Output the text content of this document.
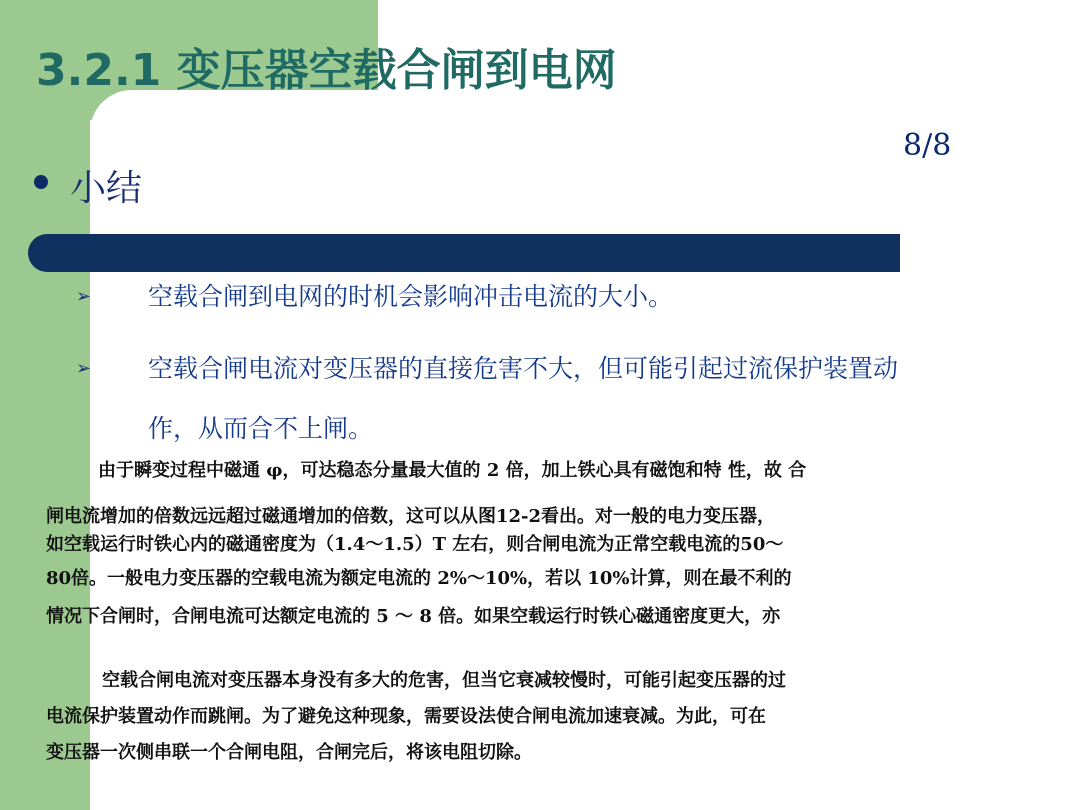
3.2.1 变压器空载合闸到电网
8/8
小结
➢ 空载合闸到电网的时机会影响冲击电流的大小。
➢ 空载合闸电流对变压器的直接危害不大，但可能引起过流保护装置动
作，从而合不上闸。
由于瞬变过程中磁通 φ，可达稳态分量最大值的 2 倍，加上铁心具有磁饱和特 性，故 合
闸电流增加的倍数远远超过磁通增加的倍数，这可以从图12-2看出。对一般的电力变压器，
如空载运行时铁心内的磁通密度为（1.4～1.5）T 左右，则合闸电流为正常空载电流的50～
80倍。一般电力变压器的空载电流为额定电流的 2%～10%，若以 10%计算，则在最不利的
情况下合闸时，合闸电流可达额定电流的 5 ～ 8 倍。如果空载运行时铁心磁通密度更大，亦
空载合闸电流对变压器本身没有多大的危害，但当它衰减较慢时，可能引起变压器的过
电流保护装置动作而跳闸。为了避免这种现象，需要设法使合闸电流加速衰减。为此，可在
变压器一次侧串联一个合闸电阻，合闸完后，将该电阻切除。
